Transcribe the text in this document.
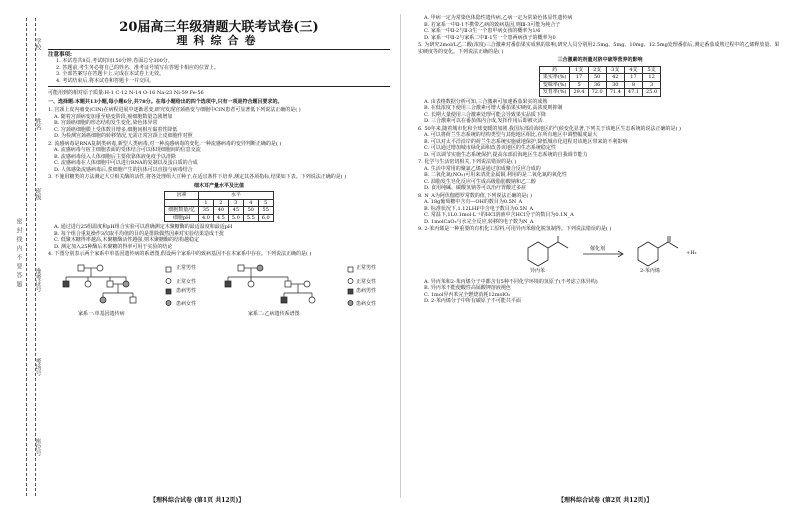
密封线内不要答题
学校
姓名
班级
准考证号
考场号
座位号
20届高三年级猜题大联考试卷(三)
理科综合卷
注意事项:
1. 本试卷共8页,考试时间150分钟,卷面总分300分。
2. 答题前,考生务必将自己的姓名、准考证号填写在答题卡相应的位置上。
3. 全部答案写在答题卡上,完成在本试卷上无效。
4. 考试结束后,将本试卷和答题卡一并交回。
可能用到的相对原子质量:H-1 C-12 N-14 O-16 Na-23 Ni-59 Fe-56
一、选择题:本题共13小题,每小题6分,共78分。在每小题给出的四个选项中,只有一项是符合题目要求的。
1. 宫颈上皮内瘤变(CIN)在病程进展中逐渐恶变,研究发现宫颈癌变与细胞中CIN患者可显著低下列说法正确的是( )
A. 随着宫颈病变加重至癌变阶段,癌细胞数量急剧增加
B. 宫颈癌细胞的形态结构发生变化,染色体异常
C. 宫颈癌细胞膜上受体数目增多,细胞间相互黏着性降低
D. 为检测宫颈癌细胞的转移情况,无需正常宫颈上皮细胞作对照
2. 流感病毒是RNA复制类病毒,新型人类病毒,对一种流感病毒的变化,一种流感病毒的变异判断正确的是( )
A. 流感病毒与宿主细胞表面的受体结合可以体现细胞间的信息交流
B. 流感病毒侵入人体细胞后主要依靠体液免疫予以清除
C. 流感病毒在人体细胞中可以进行RNA的复制以及蛋白质的合成
D. 人体感染流感病毒后,浆细胞产生的抗体可以直接与病毒结合
3. 不施用糖类的方法测定大豆相关酶的活性,将各处理组大豆种子,在适宜条件下培养,测定其各项指标,结果如下表。下列说法正确的是( )
细木耳产量水平及比值
因素	水平				
	1	2	3	4	5
细胞数量/亿	35	40	45	50	55
细胞pH	4.0	4.5	5.0	5.5	6.0
A. 通过进行25组温度和pH组合实验可以准确测定木聚糖酶的最适温度和最适pH
B. 每个组合重复操作3次取平均值的目的是排除偶然因素对实验结果造成干扰
C. 低聚木糖得率越高,木聚糖酶活性越强,则木聚糖酶的结构越稳定
D. 测定加入25种酶后木聚糖的得率可用于实验的结论
4. 下图分别表示两个家系中单基因遗传病的系谱图,假设两个家系中的致病基因不在本家系中存在。下列说法正确的是( )
正常男性
正常女性
患病男性
患病女性
正常男性
正常女性
患病男性
患病女性
家系一:单基因遗传病	家系二:乙病遗传系谱图
A. 甲病一定为常染色体隐性遗传病,乙病一定为常染色体显性遗传病
B. 若家系一中Ⅱ-1不携带乙病的致病基因,则Ⅲ-3可能为纯合子
C. 家系一中Ⅱ-2与Ⅱ-3生一个患甲病女孩的概率为1/6
D. 家系一中Ⅱ-2与家系二中Ⅱ-1生一个患两病孩子的概率为0
5. 为研究2mol/L乙二酸(浓度)三合激素对番茄果实成熟的影响,研究人员分别用2.5mg、5mg、10mg、12.5mg处理番茄后,测定番茄成熟过程中的乙烯释放量、果实硬度等的变化。下列说法正确的是( )
三合激素的剂量对脐中硫等营养的影响
药	1支	2支	3支	4支	5支
果实率(%)	17	50	42	17	12
变味率(%)	5	36	30	8	3
发育率(%)	29.4	72.0	71.4	47.1	25.0
A. 由表格数据分析可知,三合激素可加速番茄果实的成熟
B. 在低浓度下使用三合激素可增大番茄果实硬度,高浓度则抑制
C. 长期大量使用三合激素处理可能会导致果实品质下降
D. 三合激素可以在番茄体内合成,发挥作用后即被灭活
6. 50年来,随着城市化和全球变暖的加剧,我国东部沿海地区的气候变化显著,下列关于该地区生态系统的说法正确的是( )
A. 可以将荷兰生态系统的结构类型与其他地区相比,在所有地区中调整幅度最大
B. 可以对太平洋沿岸的荷兰生态系统实施就地保护,降低城市化进程对该地区带来的不利影响
C. 可以通过增加城市绿化面积改善该地区的生态系统稳定性
D. 可以调节实施生态系统保护,提高东部沿海地区生态系统的自我调节能力
7. 化学与生活密切相关,下列说法错误的是( )
A. 生活中常用的聚氯乙烯是通过加成聚合反应合成的
B. 二氧化氮(NO₂)可用来清洗金属铜,利用的是二氧化氮的氧化性
C. 油脂发生皂化反应可生成高级脂肪酸钠和乙二醇
D. 食用纯碱、碳酸氢钠等可以治疗胃酸过多症
8. N_A为阿伏伽德罗常数的值,下列说法正确的是( )
A. 18g葡萄糖中含有—OH的数目为0.5N_A
B. 标准状况下,1.12LHF中含电子数目为0.5N_A
C. 常温下,1L0.1mol·L⁻¹的HCl溶液中含HCl分子的数目为0.1N_A
D. 1molCaO₂与水完全反应,转移的电子数为N_A
9. 2-苯丙烯是一种重要的有机化工原料,可用异丙苯催化脱氢制得。下列说法错误的是( )
催化剂
+H₂
异丙苯	2-苯丙烯
A. 异丙苯和2-苯丙烯分子中都含有5种不同化学环境的氢原子(不考虑立体异构)
B. 异丙苯不能使酸性高锰酸钾溶液褪色
C. 1mol异丙苯完全燃烧消耗12molO₂
D. 2-苯丙烯分子中所有碳原子不可能共平面
【理科综合试卷 (第1页 共12页)】	【理科综合试卷 (第2页 共12页)】
